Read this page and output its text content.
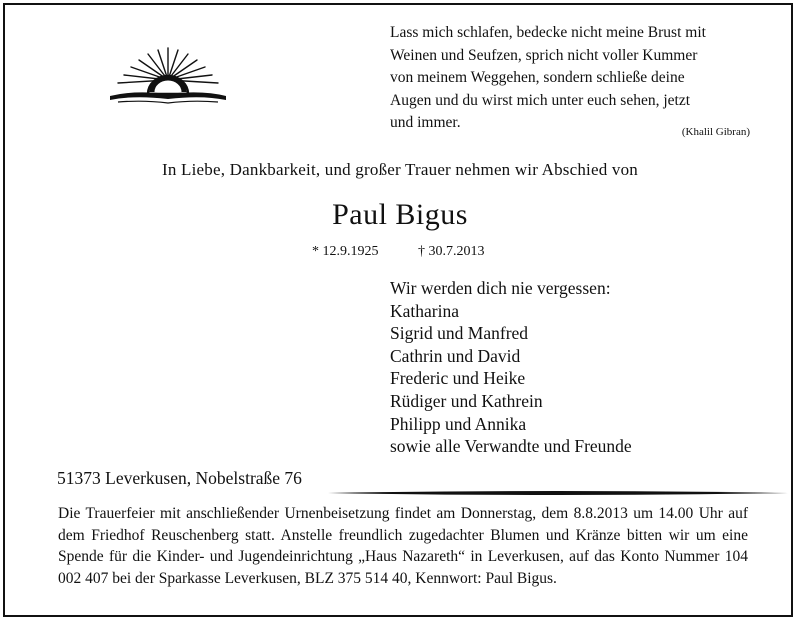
Lass mich schlafen, bedecke nicht meine Brust mit
Weinen und Seufzen, sprich nicht voller Kummer
von meinem Weggehen, sondern schließe deine
Augen und du wirst mich unter euch sehen, jetzt
und immer.
(Khalil Gibran)
In Liebe, Dankbarkeit, und großer Trauer nehmen wir Abschied von
Paul Bigus
* 12.9.1925	† 30.7.2013
Wir werden dich nie vergessen:
Katharina
Sigrid und Manfred
Cathrin und David
Frederic und Heike
Rüdiger und Kathrein
Philipp und Annika
sowie alle Verwandte und Freunde
51373 Leverkusen, Nobelstraße 76
Die Trauerfeier mit anschließender Urnenbeisetzung findet am Donnerstag, dem 8.8.2013 um 14.00 Uhr auf dem Friedhof Reuschenberg statt. Anstelle freundlich zugedachter Blumen und Kränze bitten wir um eine Spende für die Kinder- und Jugendeinrichtung „Haus Nazareth“ in Leverkusen, auf das Konto Nummer 104 002 407 bei der Sparkasse Leverkusen, BLZ 375 514 40, Kennwort: Paul Bigus.
